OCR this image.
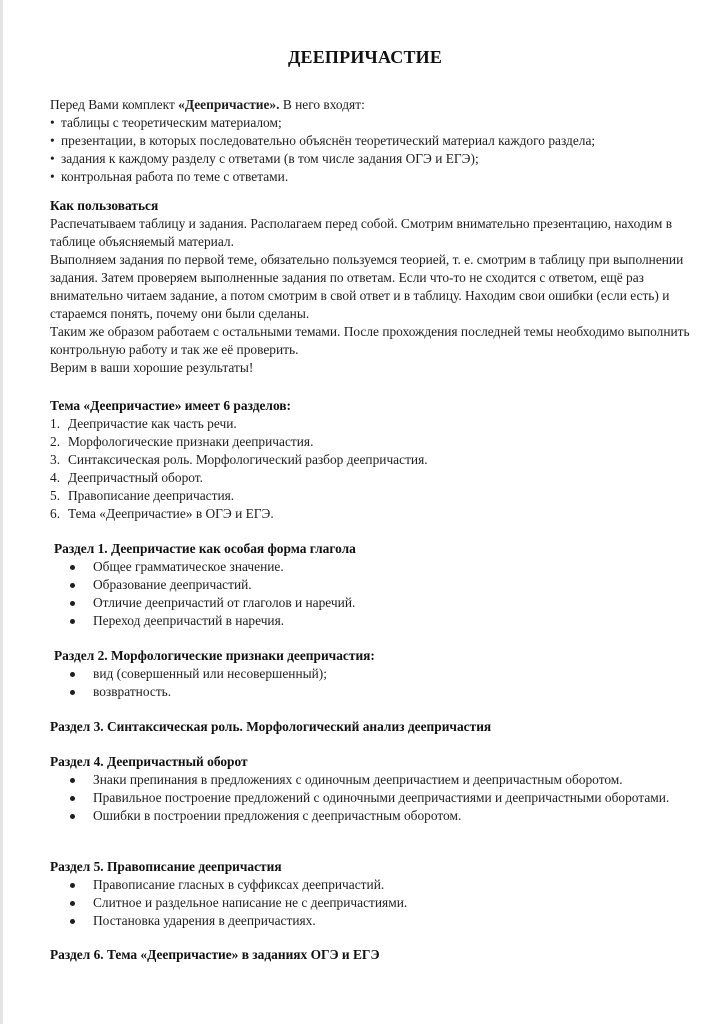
ДЕЕПРИЧАСТИЕ

Перед Вами комплект «Деепричастие». В него входят:

• таблицы с теоретическим материалом;
• презентации, в которых последовательно объяснён теоретический материал каждого раздела;
• задания к каждому разделу с ответами (в том числе задания ОГЭ и ЕГЭ);
• контрольная работа по теме с ответами.

Как пользоваться

Распечатываем таблицу и задания. Располагаем перед собой. Смотрим внимательно презентацию, находим в таблице объясняемый материал.

Выполняем задания по первой теме, обязательно пользуемся теорией, т. е. смотрим в таблицу при выполнении задания. Затем проверяем выполненные задания по ответам. Если что-то не сходится с ответом, ещё раз внимательно читаем задание, а потом смотрим в свой ответ и в таблицу. Находим свои ошибки (если есть) и стараемся понять, почему они были сделаны.

Таким же образом работаем с остальными темами. После прохождения последней темы необходимо выполнить контрольную работу и так же её проверить.

Верим в ваши хорошие результаты!

Тема «Деепричастие» имеет 6 разделов:

1. Деепричастие как часть речи.
2. Морфологические признаки деепричастия.
3. Синтаксическая роль. Морфологический разбор деепричастия.
4. Деепричастный оборот.
5. Правописание деепричастия.
6. Тема «Деепричастие» в ОГЭ и ЕГЭ.

Раздел 1. Деепричастие как особая форма глагола

Общее грамматическое значение.
Образование деепричастий.
Отличие деепричастий от глаголов и наречий.
Переход деепричастий в наречия.

Раздел 2. Морфологические признаки деепричастия:

вид (совершенный или несовершенный);
возвратность.

Раздел 3. Синтаксическая роль. Морфологический анализ деепричастия

Раздел 4. Деепричастный оборот

Знаки препинания в предложениях с одиночным деепричастием и деепричастным оборотом.
Правильное построение предложений с одиночными деепричастиями и деепричастными оборотами.
Ошибки в построении предложения с деепричастным оборотом.

Раздел 5. Правописание деепричастия

Правописание гласных в суффиксах деепричастий.
Слитное и раздельное написание не с деепричастиями.
Постановка ударения в деепричастиях.

Раздел 6. Тема «Деепричастие» в заданиях ОГЭ и ЕГЭ
